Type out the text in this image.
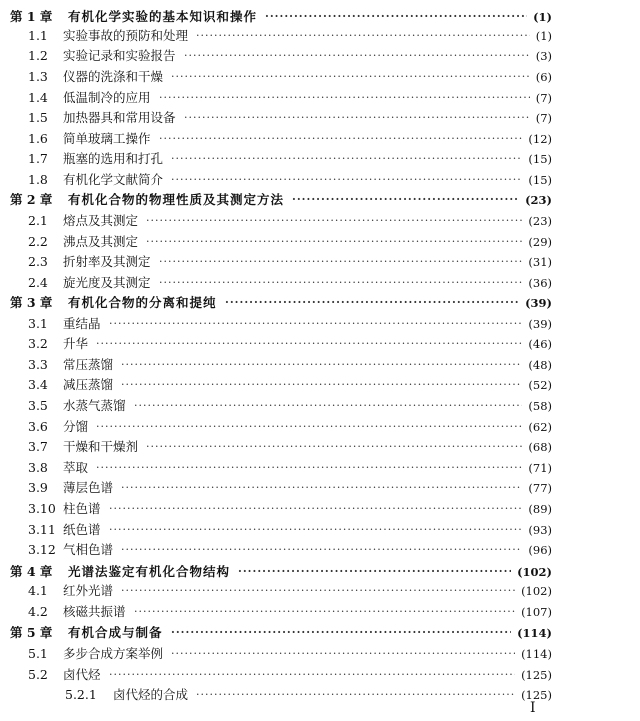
第 1 章 有机化学实验的基本知识和操作 ·····	(1)
1.1 实验事故的预防和处理 ·····	(1)
1.2 实验记录和实验报告 ·····	(3)
1.3 仪器的洗涤和干燥 ·····	(6)
1.4 低温制冷的应用 ·····	(7)
1.5 加热器具和常用设备 ·····	(7)
1.6 简单玻璃工操作 ·····	(12)
1.7 瓶塞的选用和打孔 ·····	(15)
1.8 有机化学文献简介 ·····	(15)
第 2 章 有机化合物的物理性质及其测定方法 ·····	(23)
2.1 熔点及其测定 ·····	(23)
2.2 沸点及其测定 ·····	(29)
2.3 折射率及其测定 ·····	(31)
2.4 旋光度及其测定 ·····	(36)
第 3 章 有机化合物的分离和提纯 ·····	(39)
3.1 重结晶 ·····	(39)
3.2 升华 ·····	(46)
3.3 常压蒸馏 ·····	(48)
3.4 减压蒸馏 ·····	(52)
3.5 水蒸气蒸馏 ·····	(58)
3.6 分馏 ·····	(62)
3.7 干燥和干燥剂 ·····	(68)
3.8 萃取 ·····	(71)
3.9 薄层色谱 ·····	(77)
3.10 柱色谱 ·····	(89)
3.11 纸色谱 ·····	(93)
3.12 气相色谱 ·····	(96)
第 4 章 光谱法鉴定有机化合物结构 ·····	(102)
4.1 红外光谱 ·····	(102)
4.2 核磁共振谱 ·····	(107)
第 5 章 有机合成与制备 ·····	(114)
5.1 多步合成方案举例 ·····	(114)
5.2 卤代烃 ·····	(125)
5.2.1 卤代烃的合成 ·····	(125)
I
